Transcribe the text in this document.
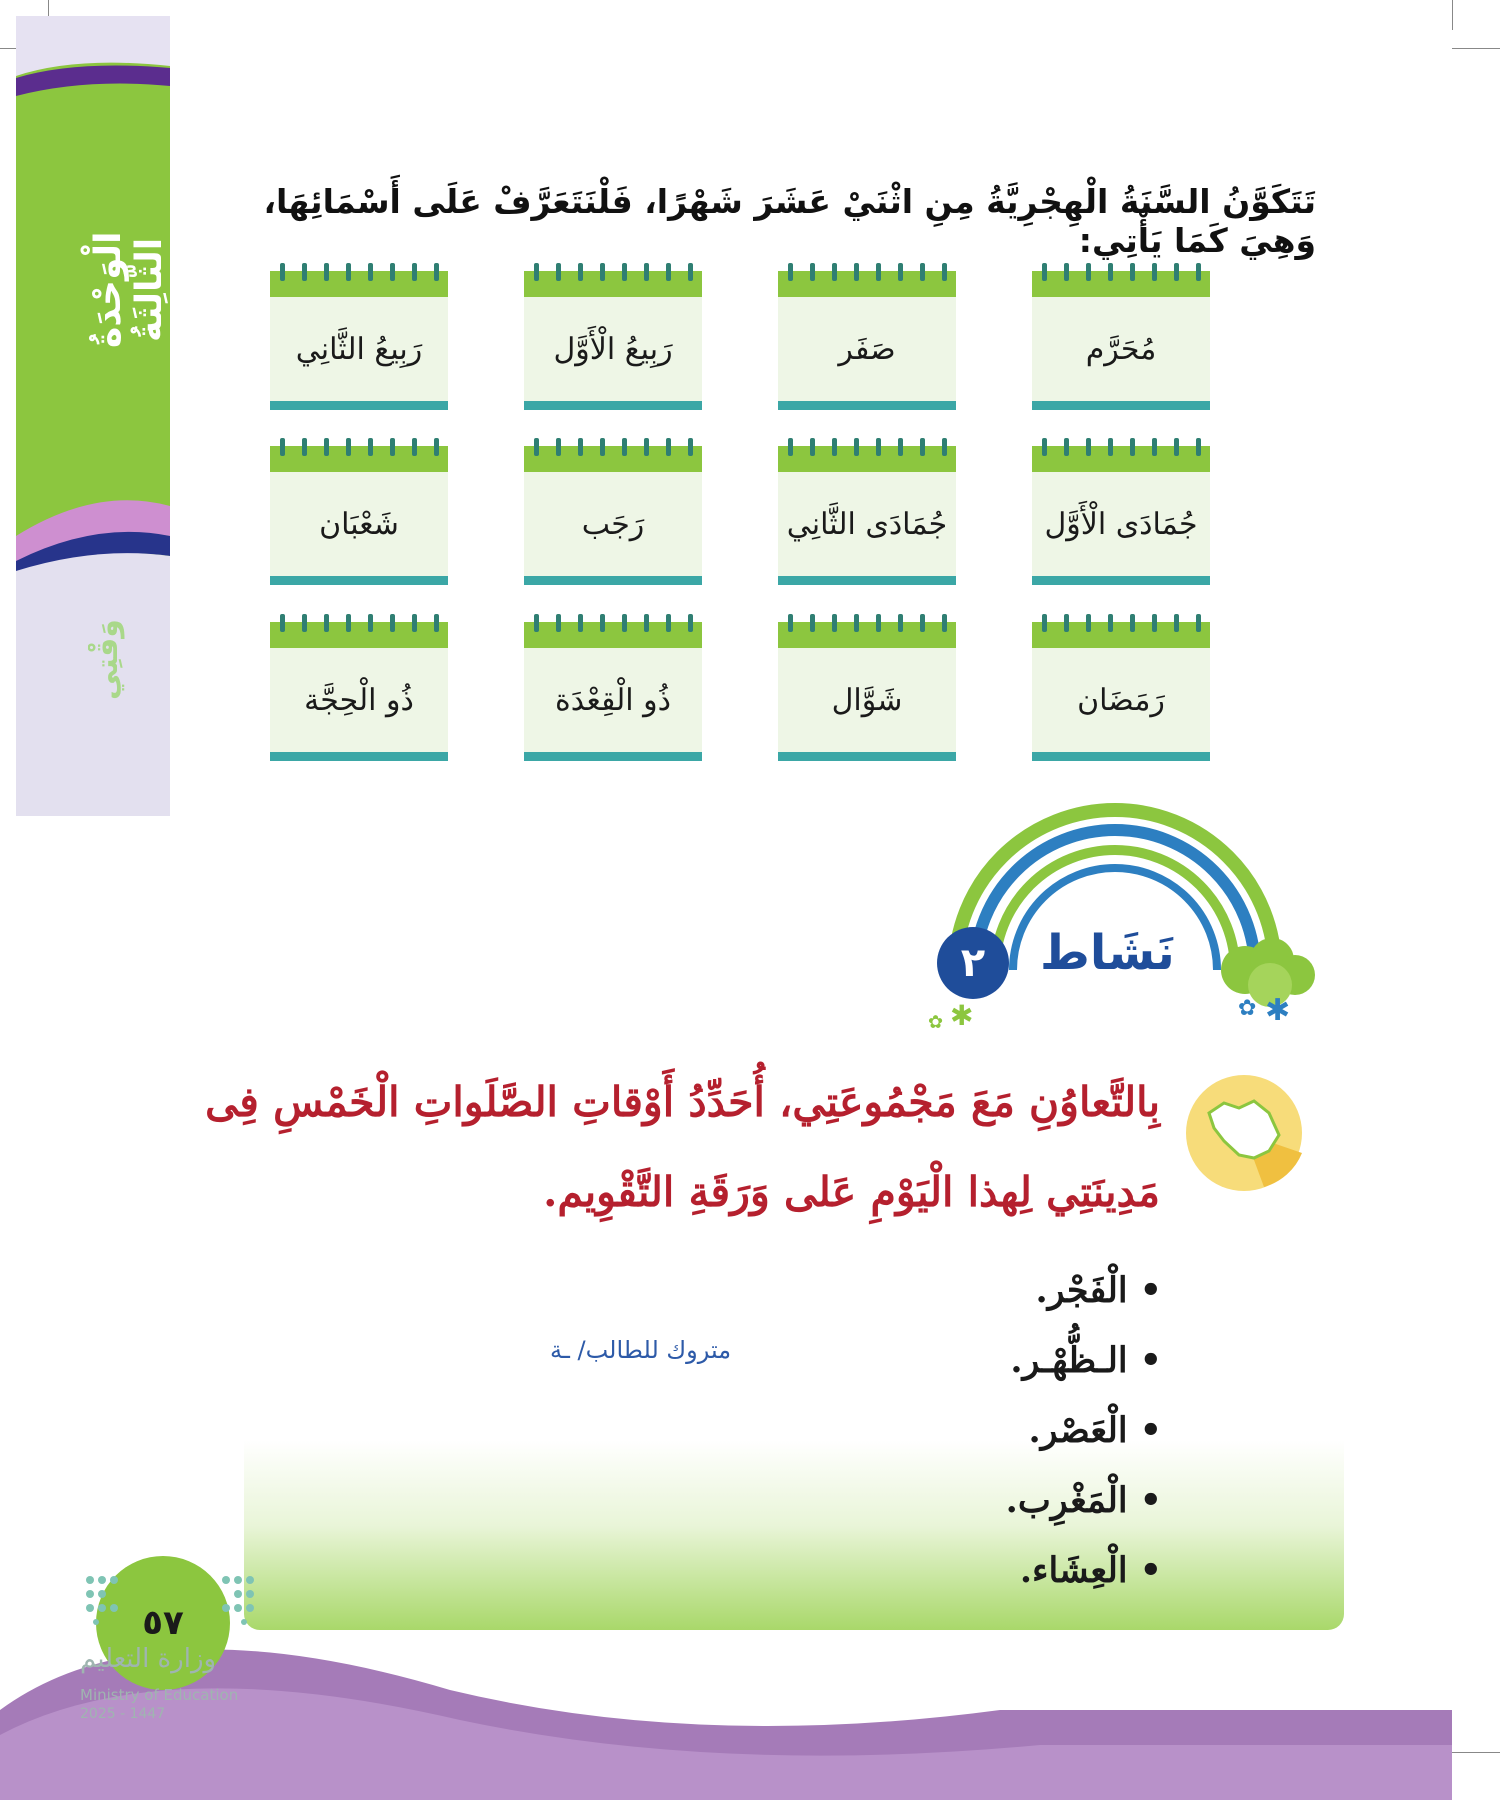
الْوَحْدَةُ الثَّالِثَةُ
وَقْتِي
تَتَكَوَّنُ السَّنَةُ الْهِجْرِيَّةُ مِنِ اثْنَيْ عَشَرَ شَهْرًا، فَلْنَتَعَرَّفْ عَلَى أَسْمَائِهَا، وَهِيَ كَمَا يَأْتِي:
مُحَرَّم
صَفَر
رَبِيعُ الْأَوَّل
رَبِيعُ الثَّانِي
جُمَادَى الْأَوَّل
جُمَادَى الثَّانِي
رَجَب
شَعْبَان
رَمَضَان
شَوَّال
ذُو الْقِعْدَة
ذُو الْحِجَّة
✱
✿
✱
✿
نَشَاط
٢
بِالتَّعاوُنِ مَعَ مَجْمُوعَتِي، أُحَدِّدُ أَوْقاتِ الصَّلَواتِ الْخَمْسِ فِى
مَدِينَتِي لِهذا الْيَوْمِ عَلى وَرَقَةِ التَّقْوِيم.
• الْفَجْر.
• الـظُّهْـر.
• الْعَصْر.
• الْمَغْرِب.
• الْعِشَاء.
متروك للطالب/ ـة
٥٧
وزارة التعليم
Ministry of Education
2025 - 1447
